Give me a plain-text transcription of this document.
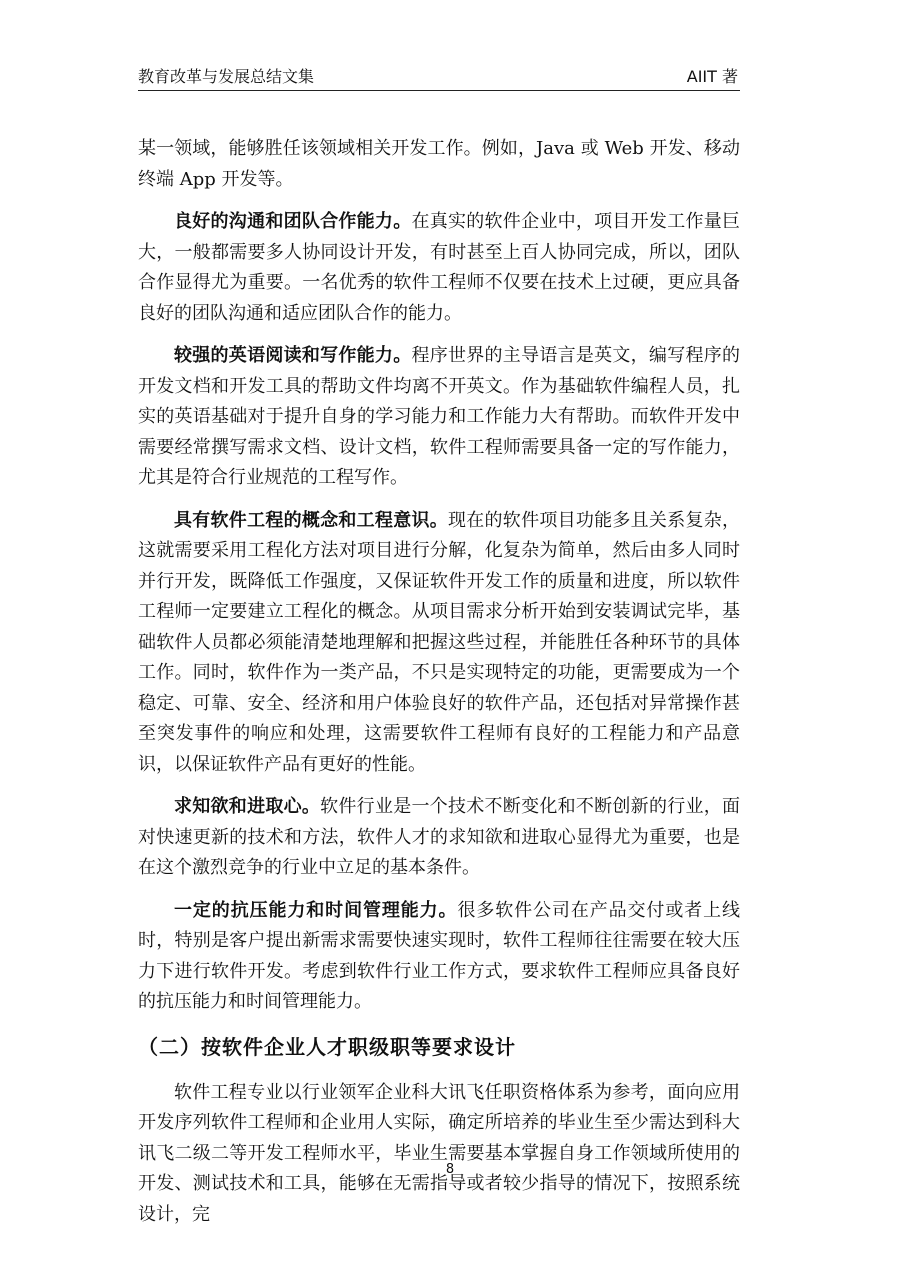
教育改革与发展总结文集	AIIT 著

某一领域，能够胜任该领域相关开发工作。例如，Java 或 Web 开发、移动终端 App 开发等。

良好的沟通和团队合作能力。在真实的软件企业中，项目开发工作量巨大，一般都需要多人协同设计开发，有时甚至上百人协同完成，所以，团队合作显得尤为重要。一名优秀的软件工程师不仅要在技术上过硬，更应具备良好的团队沟通和适应团队合作的能力。

较强的英语阅读和写作能力。程序世界的主导语言是英文，编写程序的开发文档和开发工具的帮助文件均离不开英文。作为基础软件编程人员，扎实的英语基础对于提升自身的学习能力和工作能力大有帮助。而软件开发中需要经常撰写需求文档、设计文档，软件工程师需要具备一定的写作能力，尤其是符合行业规范的工程写作。

具有软件工程的概念和工程意识。现在的软件项目功能多且关系复杂，这就需要采用工程化方法对项目进行分解，化复杂为简单，然后由多人同时并行开发，既降低工作强度，又保证软件开发工作的质量和进度，所以软件工程师一定要建立工程化的概念。从项目需求分析开始到安装调试完毕，基础软件人员都必须能清楚地理解和把握这些过程，并能胜任各种环节的具体工作。同时，软件作为一类产品，不只是实现特定的功能，更需要成为一个稳定、可靠、安全、经济和用户体验良好的软件产品，还包括对异常操作甚至突发事件的响应和处理，这需要软件工程师有良好的工程能力和产品意识，以保证软件产品有更好的性能。

求知欲和进取心。软件行业是一个技术不断变化和不断创新的行业，面对快速更新的技术和方法，软件人才的求知欲和进取心显得尤为重要，也是在这个激烈竞争的行业中立足的基本条件。

一定的抗压能力和时间管理能力。很多软件公司在产品交付或者上线时，特别是客户提出新需求需要快速实现时，软件工程师往往需要在较大压力下进行软件开发。考虑到软件行业工作方式，要求软件工程师应具备良好的抗压能力和时间管理能力。

（二）按软件企业人才职级职等要求设计

软件工程专业以行业领军企业科大讯飞任职资格体系为参考，面向应用开发序列软件工程师和企业用人实际，确定所培养的毕业生至少需达到科大讯飞二级二等开发工程师水平，毕业生需要基本掌握自身工作领域所使用的开发、测试技术和工具，能够在无需指导或者较少指导的情况下，按照系统设计，完

8
